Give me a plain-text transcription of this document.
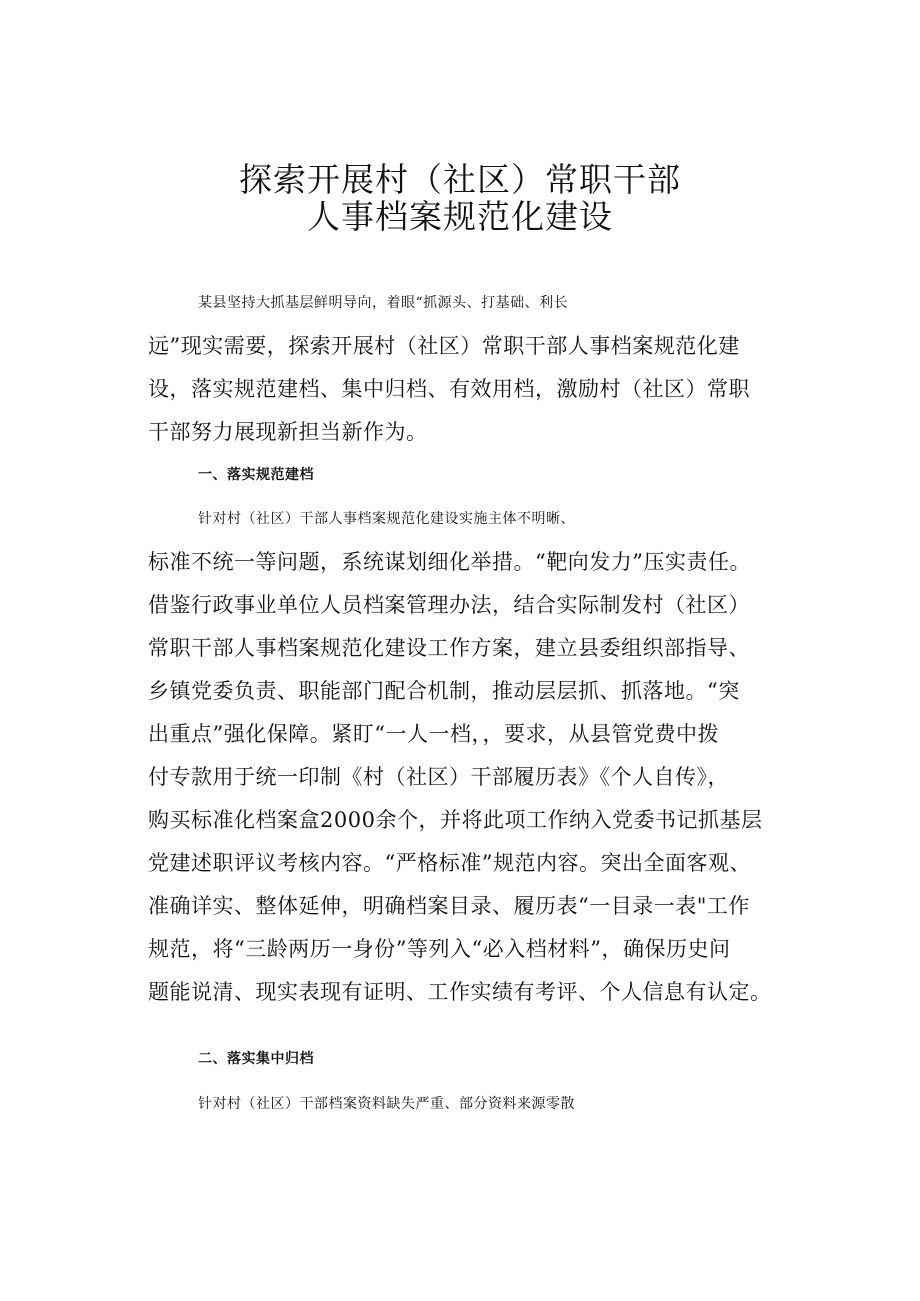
探索开展村（社区）常职干部
人事档案规范化建设
某县坚持大抓基层鲜明导向，着眼“抓源头、打基础、利长
远”现实需要，探索开展村（社区）常职干部人事档案规范化建
设，落实规范建档、集中归档、有效用档，激励村（社区）常职
干部努力展现新担当新作为。
一、落实规范建档
针对村（社区）干部人事档案规范化建设实施主体不明晰、
标准不统一等问题，系统谋划细化举措。“靶向发力”压实责任。
借鉴行政事业单位人员档案管理办法，结合实际制发村（社区）
常职干部人事档案规范化建设工作方案，建立县委组织部指导、
乡镇党委负责、职能部门配合机制，推动层层抓、抓落地。“突
出重点”强化保障。紧盯“一人一档，，要求，从县管党费中拨
付专款用于统一印制《村（社区）干部履历表》《个人自传》，
购买标准化档案盒2000余个，并将此项工作纳入党委书记抓基层
党建述职评议考核内容。“严格标准”规范内容。突出全面客观、
准确详实、整体延伸，明确档案目录、履历表“一目录一表"工作
规范，将“三龄两历一身份”等列入“必入档材料”，确保历史问
题能说清、现实表现有证明、工作实绩有考评、个人信息有认定。
二、落实集中归档
针对村（社区）干部档案资料缺失严重、部分资料来源零散
